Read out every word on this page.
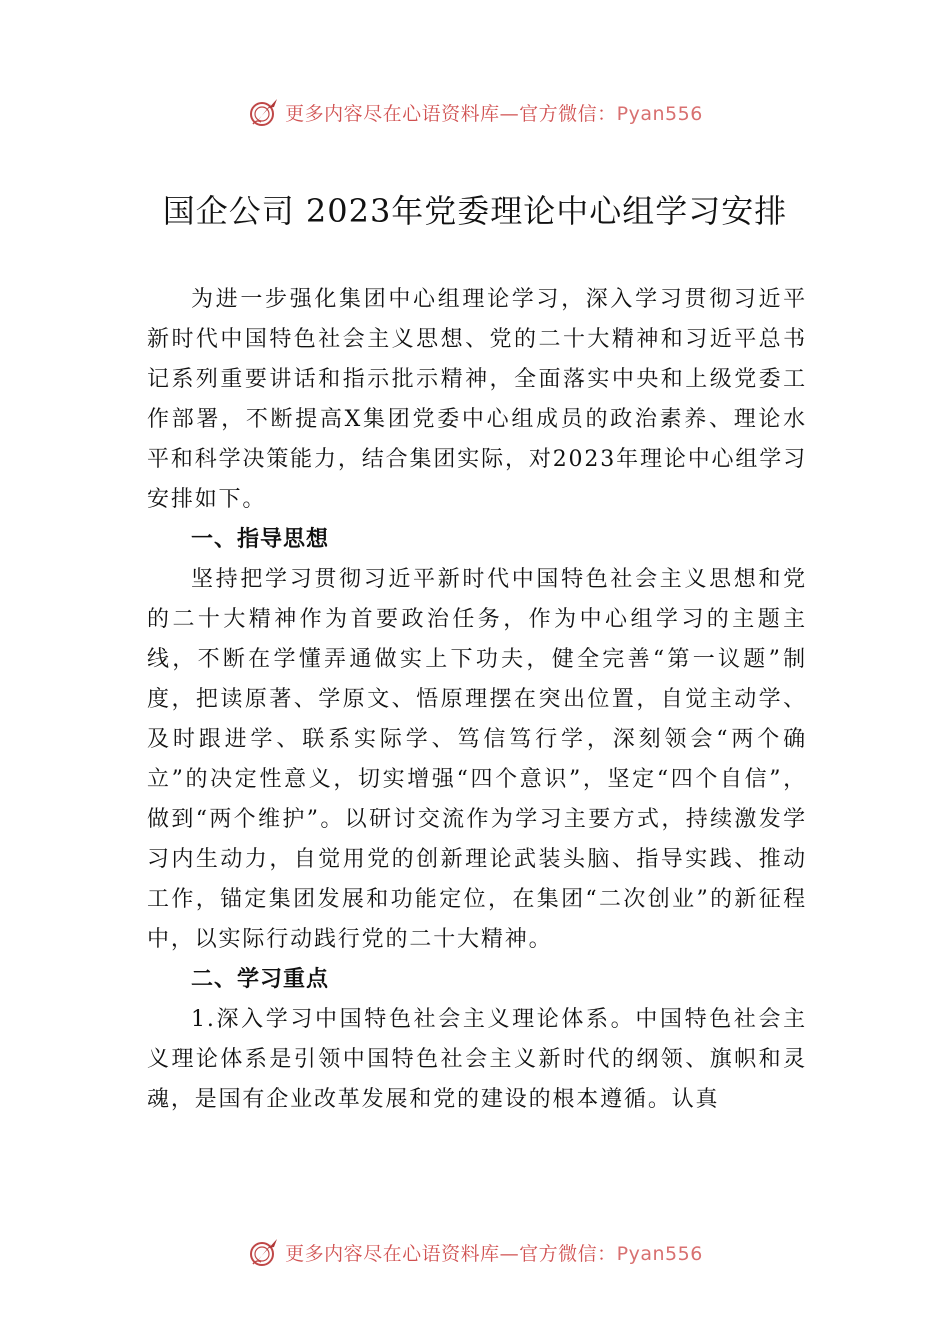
更多内容尽在心语资料库—官方微信：Pyan556
国企公司 2023年党委理论中心组学习安排

为进一步强化集团中心组理论学习，深入学习贯彻习近平新时代中国特色社会主义思想、党的二十大精神和习近平总书记系列重要讲话和指示批示精神，全面落实中央和上级党委工作部署，不断提高X集团党委中心组成员的政治素养、理论水平和科学决策能力，结合集团实际，对2023年理论中心组学习安排如下。

一、指导思想

坚持把学习贯彻习近平新时代中国特色社会主义思想和党的二十大精神作为首要政治任务，作为中心组学习的主题主线，不断在学懂弄通做实上下功夫，健全完善“第一议题”制度，把读原著、学原文、悟原理摆在突出位置，自觉主动学、及时跟进学、联系实际学、笃信笃行学，深刻领会“两个确立”的决定性意义，切实增强“四个意识”，坚定“四个自信”，做到“两个维护”。以研讨交流作为学习主要方式，持续激发学习内生动力，自觉用党的创新理论武装头脑、指导实践、推动工作，锚定集团发展和功能定位，在集团“二次创业”的新征程中，以实际行动践行党的二十大精神。

二、学习重点

1.深入学习中国特色社会主义理论体系。中国特色社会主义理论体系是引领中国特色社会主义新时代的纲领、旗帜和灵魂，是国有企业改革发展和党的建设的根本遵循。认真

更多内容尽在心语资料库—官方微信：Pyan556
